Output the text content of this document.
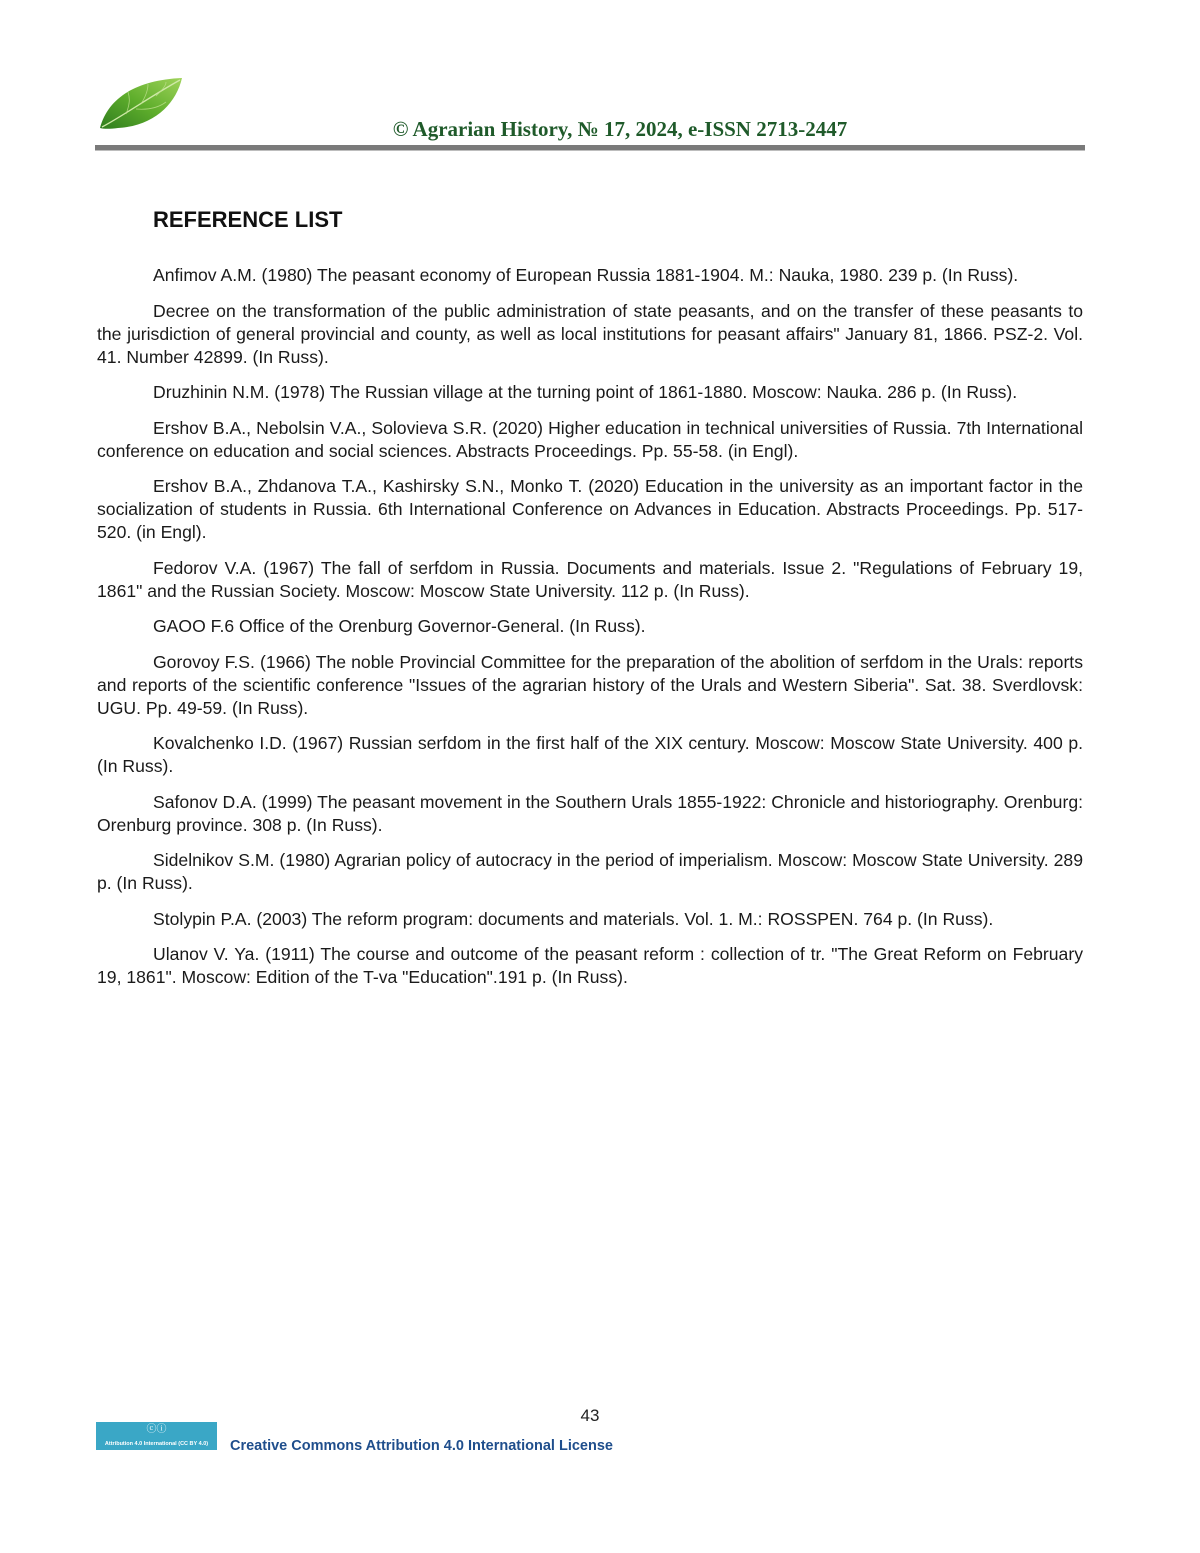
© Agrarian History, № 17, 2024, e-ISSN 2713-2447
REFERENCE LIST

Anfimov A.M. (1980) The peasant economy of European Russia 1881-1904. M.: Nauka, 1980. 239 p. (In Russ).

Decree on the transformation of the public administration of state peasants, and on the transfer of these peasants to the jurisdiction of general provincial and county, as well as local institutions for peasant affairs" January 81, 1866. PSZ-2. Vol. 41. Number 42899. (In Russ).

Druzhinin N.M. (1978) The Russian village at the turning point of 1861-1880. Moscow: Nauka. 286 p. (In Russ).

Ershov B.A., Nebolsin V.A., Solovieva S.R. (2020) Higher education in technical universities of Russia. 7th International conference on education and social sciences. Abstracts Proceedings. Pp. 55-58. (in Engl).

Ershov B.A., Zhdanova T.A., Kashirsky S.N., Monko T. (2020) Education in the university as an important factor in the socialization of students in Russia. 6th International Conference on Advances in Education. Abstracts Proceedings. Pp. 517-520. (in Engl).

Fedorov V.A. (1967) The fall of serfdom in Russia. Documents and materials. Issue 2. "Regulations of February 19, 1861" and the Russian Society. Moscow: Moscow State University. 112 p. (In Russ).

GAOO F.6 Office of the Orenburg Governor-General. (In Russ).

Gorovoy F.S. (1966) The noble Provincial Committee for the preparation of the abolition of serfdom in the Urals: reports and reports of the scientific conference "Issues of the agrarian history of the Urals and Western Siberia". Sat. 38. Sverdlovsk: UGU. Pp. 49-59. (In Russ).

Kovalchenko I.D. (1967) Russian serfdom in the first half of the XIX century. Moscow: Moscow State University. 400 p. (In Russ).

Safonov D.A. (1999) The peasant movement in the Southern Urals 1855-1922: Chronicle and historiography. Orenburg: Orenburg province. 308 p. (In Russ).

Sidelnikov S.M. (1980) Agrarian policy of autocracy in the period of imperialism. Moscow: Moscow State University. 289 p. (In Russ).

Stolypin P.A. (2003) The reform program: documents and materials. Vol. 1. M.: ROSSPEN. 764 p. (In Russ).

Ulanov V. Ya. (1911) The course and outcome of the peasant reform : collection of tr. "The Great Reform on February 19, 1861". Moscow: Edition of the T-va "Education".191 p. (In Russ).

43
ⓒⓘ
Attribution 4.0 International (CC BY 4.0)	Creative Commons Attribution 4.0 International License
